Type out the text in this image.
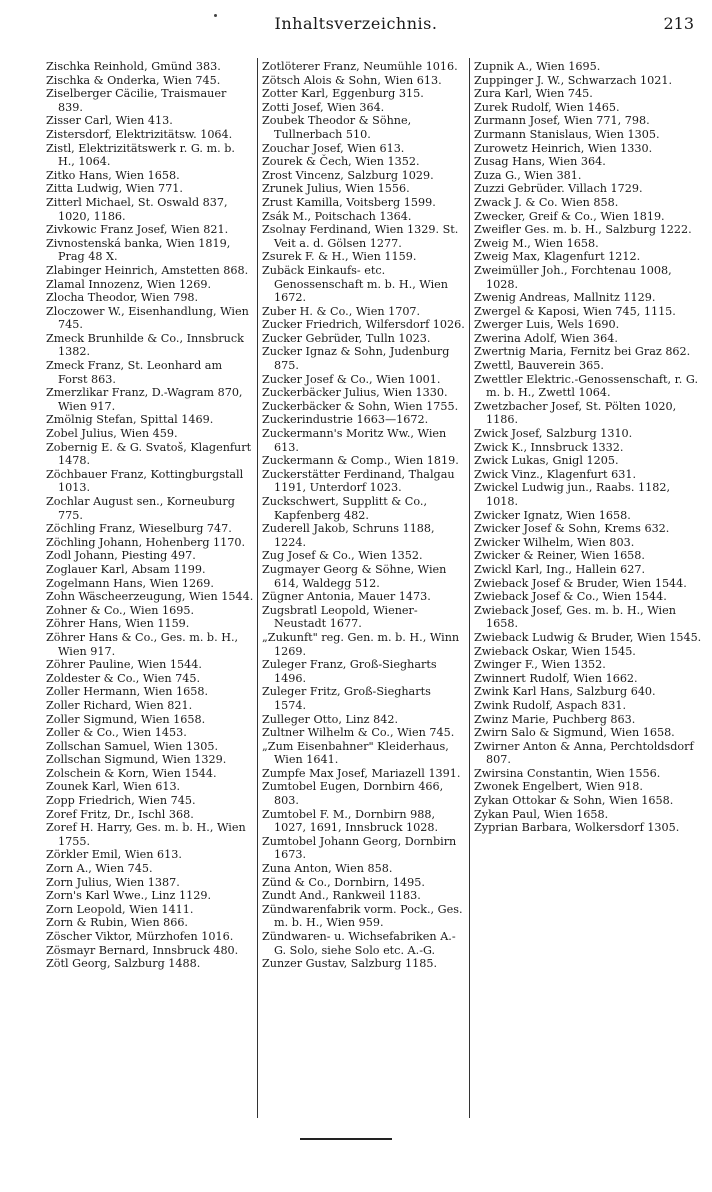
Inhaltsverzeichnis.	213

Zischka Reinhold, Gmünd 383.

Zischka & Onderka, Wien 745.

Ziselberger Cäcilie, Traismauer 839.

Zisser Carl, Wien 413.

Zistersdorf, Elektrizitätsw. 1064.

Zistl, Elektrizitätswerk r. G. m. b. H., 1064.

Zitko Hans, Wien 1658.

Zitta Ludwig, Wien 771.

Zitterl Michael, St. Oswald 837, 1020, 1186.

Zivkowic Franz Josef, Wien 821.

Zivnostenská banka, Wien 1819, Prag 48 X.

Zlabinger Heinrich, Amstetten 868.

Zlamal Innozenz, Wien 1269.

Zlocha Theodor, Wien 798.

Zloczower W., Eisenhandlung, Wien 745.

Zmeck Brunhilde & Co., Innsbruck 1382.

Zmeck Franz, St. Leonhard am Forst 863.

Zmerzlikar Franz, D.-Wagram 870, Wien 917.

Zmölnig Stefan, Spittal 1469.

Zobel Julius, Wien 459.

Zobernig E. & G. Svatoš, Klagenfurt 1478.

Zöchbauer Franz, Kottingburgstall 1013.

Zochlar August sen., Korneuburg 775.

Zöchling Franz, Wieselburg 747.

Zöchling Johann, Hohenberg 1170.

Zodl Johann, Piesting 497.

Zoglauer Karl, Absam 1199.

Zogelmann Hans, Wien 1269.

Zohn Wäscheerzeugung, Wien 1544.

Zohner & Co., Wien 1695.

Zöhrer Hans, Wien 1159.

Zöhrer Hans & Co., Ges. m. b. H., Wien 917.

Zöhrer Pauline, Wien 1544.

Zoldester & Co., Wien 745.

Zoller Hermann, Wien 1658.

Zoller Richard, Wien 821.

Zoller Sigmund, Wien 1658.

Zoller & Co., Wien 1453.

Zollschan Samuel, Wien 1305.

Zollschan Sigmund, Wien 1329.

Zolschein & Korn, Wien 1544.

Zounek Karl, Wien 613.

Zopp Friedrich, Wien 745.

Zoref Fritz, Dr., Ischl 368.

Zoref H. Harry, Ges. m. b. H., Wien 1755.

Zörkler Emil, Wien 613.

Zorn A., Wien 745.

Zorn Julius, Wien 1387.

Zorn's Karl Wwe., Linz 1129.

Zorn Leopold, Wien 1411.

Zorn & Rubin, Wien 866.

Zöscher Viktor, Mürzhofen 1016.

Zösmayr Bernard, Innsbruck 480.

Zötl Georg, Salzburg 1488.

Zotlöterer Franz, Neumühle 1016.

Zötsch Alois & Sohn, Wien 613.

Zotter Karl, Eggenburg 315.

Zotti Josef, Wien 364.

Zoubek Theodor & Söhne, Tullnerbach 510.

Zouchar Josef, Wien 613.

Zourek & Čech, Wien 1352.

Zrost Vincenz, Salzburg 1029.

Zrunek Julius, Wien 1556.

Zrust Kamilla, Voitsberg 1599.

Zsák M., Poitschach 1364.

Zsolnay Ferdinand, Wien 1329. St. Veit a. d. Gölsen 1277.

Zsurek F. & H., Wien 1159.

Zubäck Einkaufs- etc. Genossenschaft m. b. H., Wien 1672.

Zuber H. & Co., Wien 1707.

Zucker Friedrich, Wilfersdorf 1026.

Zucker Gebrüder, Tulln 1023.

Zucker Ignaz & Sohn, Judenburg 875.

Zucker Josef & Co., Wien 1001.

Zuckerbäcker Julius, Wien 1330.

Zuckerbäcker & Sohn, Wien 1755.

Zuckerindustrie 1663—1672.

Zuckermann's Moritz Ww., Wien 613.

Zuckermann & Comp., Wien 1819.

Zuckerstätter Ferdinand, Thalgau 1191, Unterdorf 1023.

Zuckschwert, Supplitt & Co., Kapfenberg 482.

Zuderell Jakob, Schruns 1188, 1224.

Zug Josef & Co., Wien 1352.

Zugmayer Georg & Söhne, Wien 614, Waldegg 512.

Zügner Antonia, Mauer 1473.

Zugsbratl Leopold, Wiener-Neustadt 1677.

„Zukunft" reg. Gen. m. b. H., Winn 1269.

Zuleger Franz, Groß-Siegharts 1496.

Zuleger Fritz, Groß-Siegharts 1574.

Zulleger Otto, Linz 842.

Zultner Wilhelm & Co., Wien 745.

„Zum Eisenbahner" Kleiderhaus, Wien 1641.

Zumpfe Max Josef, Mariazell 1391.

Zumtobel Eugen, Dornbirn 466, 803.

Zumtobel F. M., Dornbirn 988, 1027, 1691, Innsbruck 1028.

Zumtobel Johann Georg, Dornbirn 1673.

Zuna Anton, Wien 858.

Zünd & Co., Dornbirn, 1495.

Zundt And., Rankweil 1183.

Zündwarenfabrik vorm. Pock., Ges. m. b. H., Wien 959.

Zündwaren- u. Wichsefabriken A.-G. Solo, siehe Solo etc. A.-G.

Zunzer Gustav, Salzburg 1185.

Zupnik A., Wien 1695.

Zuppinger J. W., Schwarzach 1021.

Zura Karl, Wien 745.

Zurek Rudolf, Wien 1465.

Zurmann Josef, Wien 771, 798.

Zurmann Stanislaus, Wien 1305.

Zurowetz Heinrich, Wien 1330.

Zusag Hans, Wien 364.

Zuza G., Wien 381.

Zuzzi Gebrüder. Villach 1729.

Zwack J. & Co. Wien 858.

Zwecker, Greif & Co., Wien 1819.

Zweifler Ges. m. b. H., Salzburg 1222.

Zweig M., Wien 1658.

Zweig Max, Klagenfurt 1212.

Zweimüller Joh., Forchtenau 1008, 1028.

Zwenig Andreas, Mallnitz 1129.

Zwergel & Kaposi, Wien 745, 1115.

Zwerger Luis, Wels 1690.

Zwerina Adolf, Wien 364.

Zwertnig Maria, Fernitz bei Graz 862.

Zwettl, Bauverein 365.

Zwettler Elektric.-Genossenschaft, r. G. m. b. H., Zwettl 1064.

Zwetzbacher Josef, St. Pölten 1020, 1186.

Zwick Josef, Salzburg 1310.

Zwick K., Innsbruck 1332.

Zwick Lukas, Gnigl 1205.

Zwick Vinz., Klagenfurt 631.

Zwickel Ludwig jun., Raabs. 1182, 1018.

Zwicker Ignatz, Wien 1658.

Zwicker Josef & Sohn, Krems 632.

Zwicker Wilhelm, Wien 803.

Zwicker & Reiner, Wien 1658.

Zwickl Karl, Ing., Hallein 627.

Zwieback Josef & Bruder, Wien 1544.

Zwieback Josef & Co., Wien 1544.

Zwieback Josef, Ges. m. b. H., Wien 1658.

Zwieback Ludwig & Bruder, Wien 1545.

Zwieback Oskar, Wien 1545.

Zwinger F., Wien 1352.

Zwinnert Rudolf, Wien 1662.

Zwink Karl Hans, Salzburg 640.

Zwink Rudolf, Aspach 831.

Zwinz Marie, Puchberg 863.

Zwirn Salo & Sigmund, Wien 1658.

Zwirner Anton & Anna, Perchtoldsdorf 807.

Zwirsina Constantin, Wien 1556.

Zwonek Engelbert, Wien 918.

Zykan Ottokar & Sohn, Wien 1658.

Zykan Paul, Wien 1658.

Zyprian Barbara, Wolkersdorf 1305.
